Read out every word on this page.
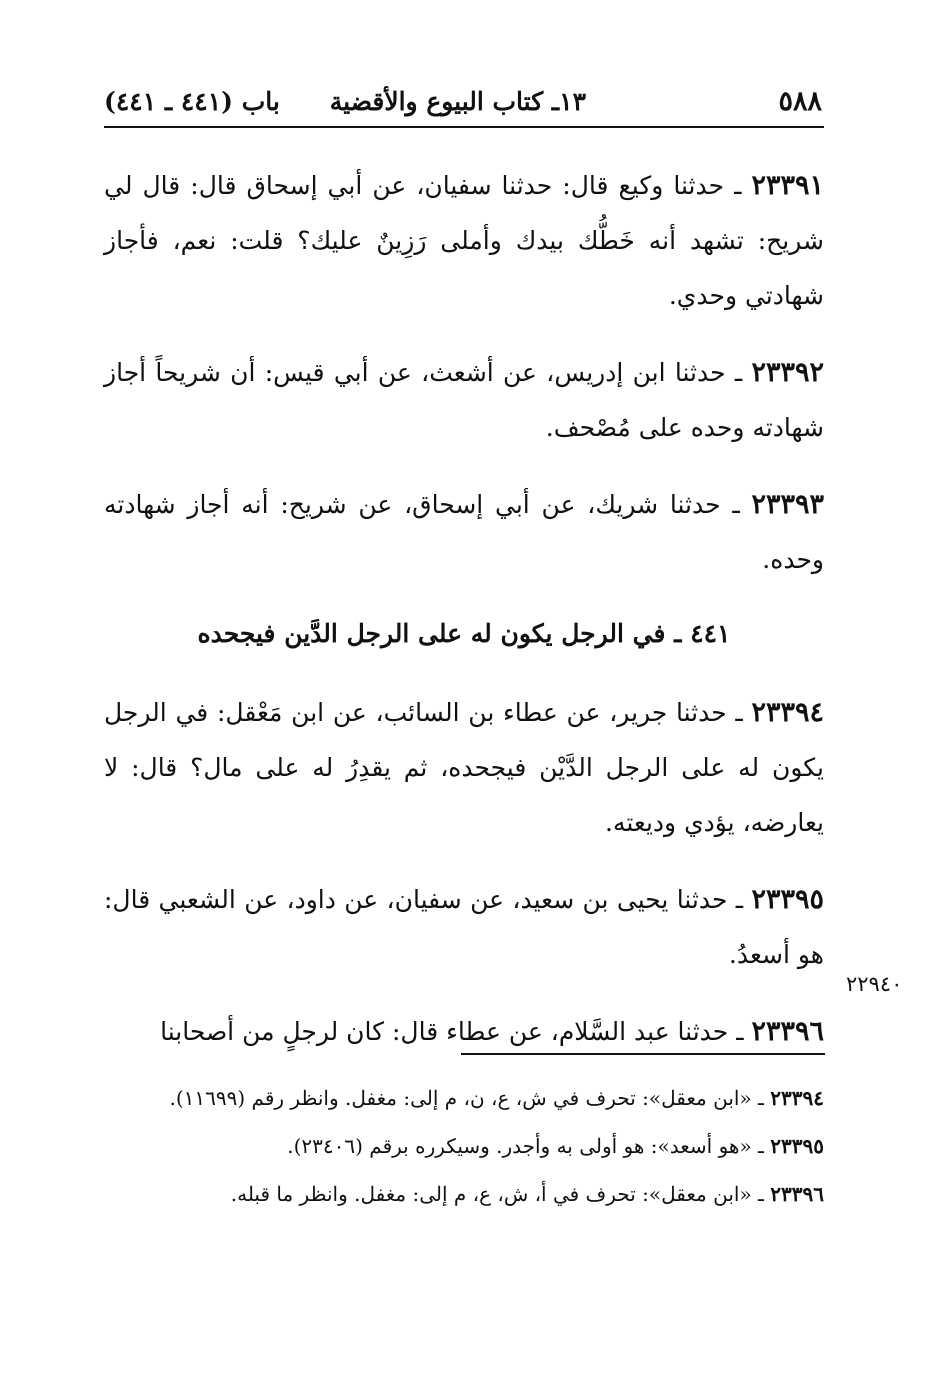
٥٨٨
١٣ـ كتاب البيوع والأقضية
باب (٤٤١ ـ ٤٤١)

٢٣٣٩١ ـ حدثنا وكيع قال: حدثنا سفيان، عن أبي إسحاق قال: قال لي شريح: تشهد أنه خَطُّك بيدك وأملى رَزِينٌ عليك؟ قلت: نعم، فأجاز شهادتي وحدي.

٢٣٣٩٢ ـ حدثنا ابن إدريس، عن أشعث، عن أبي قيس: أن شريحاً أجاز شهادته وحده على مُصْحف.

٢٣٣٩٣ ـ حدثنا شريك، عن أبي إسحاق، عن شريح: أنه أجاز شهادته وحده.

٤٤١ ـ في الرجل يكون له على الرجل الدَّين فيجحده

٢٣٣٩٤ ـ حدثنا جرير، عن عطاء بن السائب، عن ابن مَعْقل: في الرجل يكون له على الرجل الدَّيْن فيجحده، ثم يقدِرُ له على مال؟ قال: لا يعارضه، يؤدي وديعته.

٢٣٣٩٥ ـ حدثنا يحيى بن سعيد، عن سفيان، عن داود، عن الشعبي قال: هو أسعدُ.

٢٣٣٩٦ ـ حدثنا عبد السَّلام، عن عطاء قال: كان لرجلٍ من أصحابنا

٢٢٩٤٠

٢٣٣٩٤ ـ «ابن معقل»: تحرف في ش، ع، ن، م إلى: مغفل. وانظر رقم (١١٦٩٩).

٢٣٣٩٥ ـ «هو أسعد»: هو أولى به وأجدر. وسيكرره برقم (٢٣٤٠٦).

٢٣٣٩٦ ـ «ابن معقل»: تحرف في أ، ش، ع، م إلى: مغفل. وانظر ما قبله.
